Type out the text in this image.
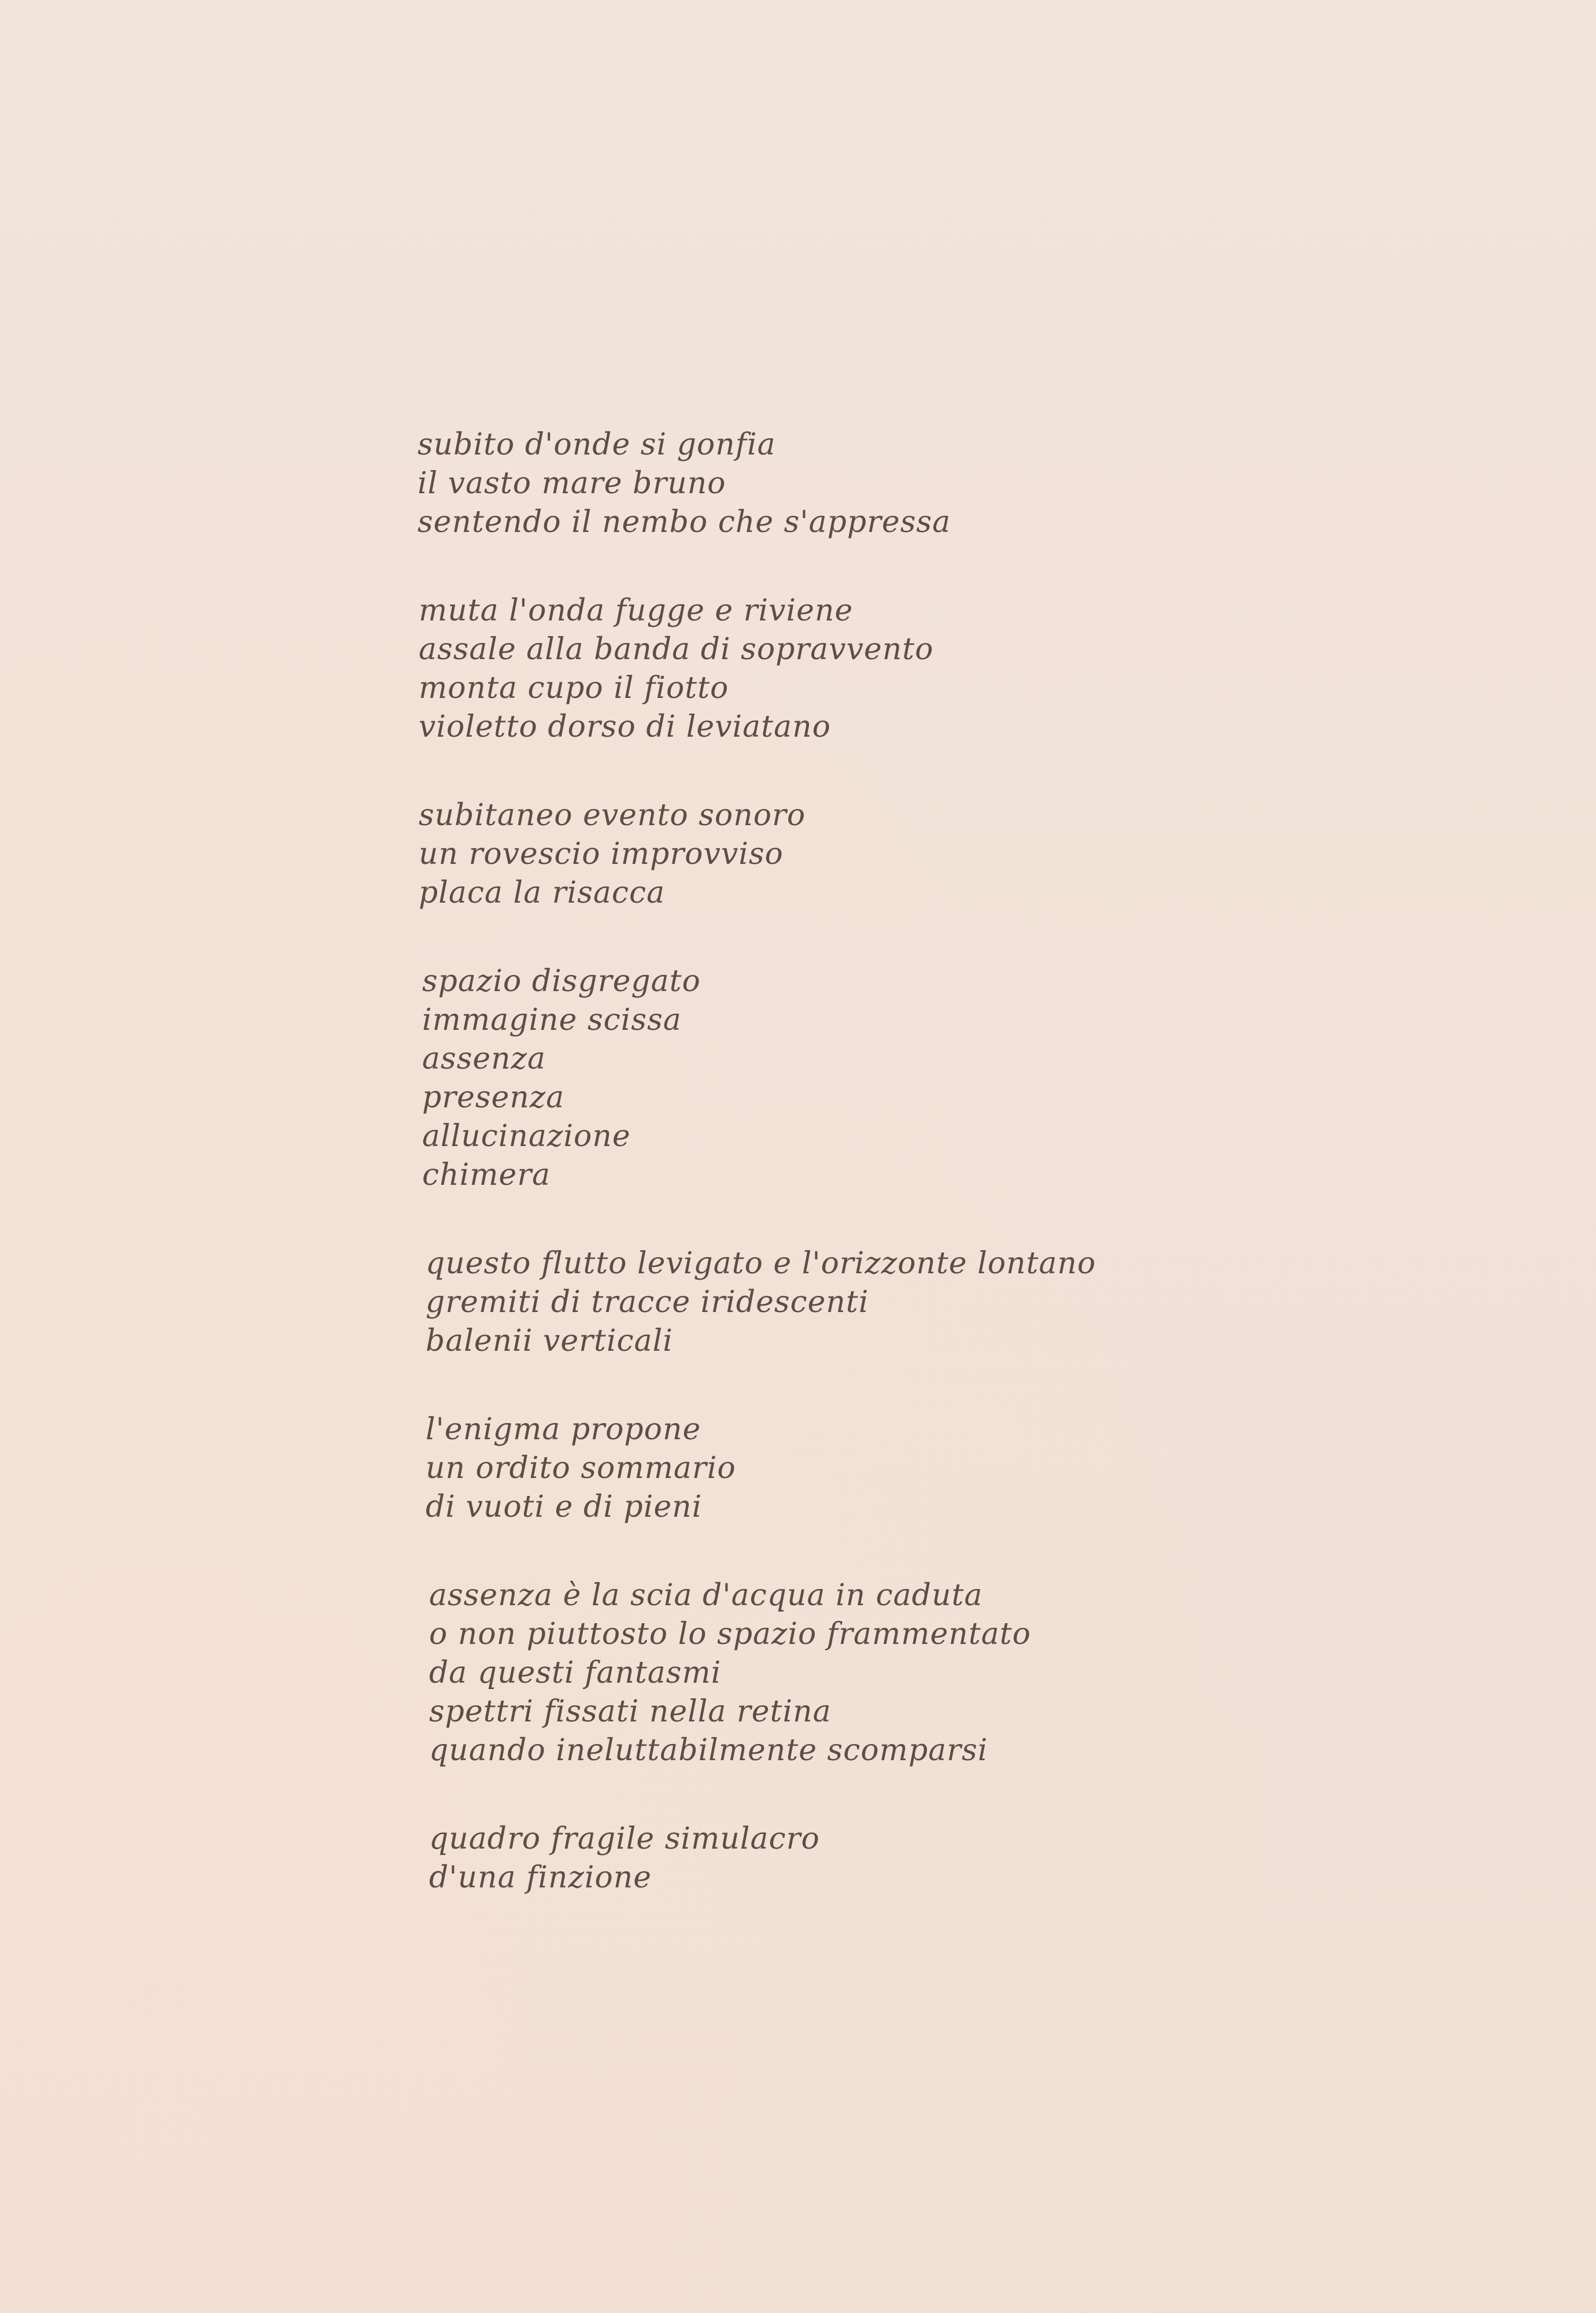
subito d'onde si gonfia
il vasto mare bruno
sentendo il nembo che s'appressa
muta l'onda fugge e riviene
assale alla banda di sopravvento
monta cupo il fiotto
violetto dorso di leviatano
subitaneo evento sonoro
un rovescio improvviso
placa la risacca
spazio disgregato
immagine scissa
assenza
presenza
allucinazione
chimera
questo flutto levigato e l'orizzonte lontano
gremiti di tracce iridescenti
balenii verticali
l'enigma propone
un ordito sommario
di vuoti e di pieni
assenza è la scia d'acqua in caduta
o non piuttosto lo spazio frammentato
da questi fantasmi
spettri fissati nella retina
quando ineluttabilmente scomparsi
quadro fragile simulacro
d'una finzione
